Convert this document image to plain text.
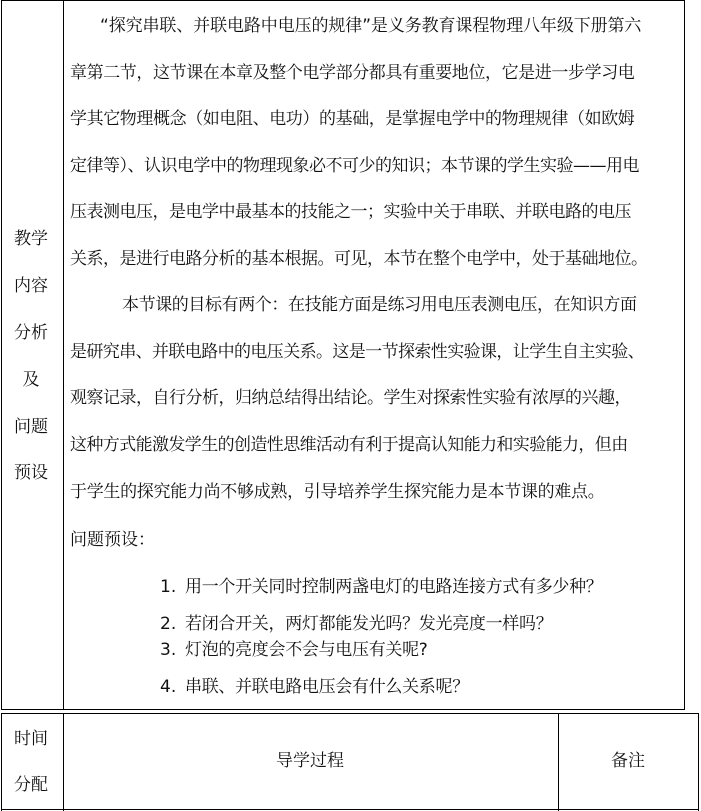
教学
内容
分析
及
问题
预设
“探究串联、并联电路中电压的规律”是义务教育课程物理八年级下册第六
章第二节，这节课在本章及整个电学部分都具有重要地位，它是进一步学习电
学其它物理概念（如电阻、电功）的基础，是掌握电学中的物理规律（如欧姆
定律等）、认识电学中的物理现象必不可少的知识；本节课的学生实验——用电
压表测电压，是电学中最基本的技能之一；实验中关于串联、并联电路的电压
关系，是进行电路分析的基本根据。可见，本节在整个电学中，处于基础地位。
本节课的目标有两个：在技能方面是练习用电压表测电压，在知识方面
是研究串、并联电路中的电压关系。这是一节探索性实验课，让学生自主实验、
观察记录，自行分析，归纳总结得出结论。学生对探索性实验有浓厚的兴趣，
这种方式能激发学生的创造性思维活动有利于提高认知能力和实验能力，但由
于学生的探究能力尚不够成熟，引导培养学生探究能力是本节课的难点。
问题预设：
1. 用一个开关同时控制两盏电灯的电路连接方式有多少种？
2. 若闭合开关，两灯都能发光吗？发光亮度一样吗？
3. 灯泡的亮度会不会与电压有关呢?
4. 串联、并联电路电压会有什么关系呢？
时间
分配
导学过程	备注
